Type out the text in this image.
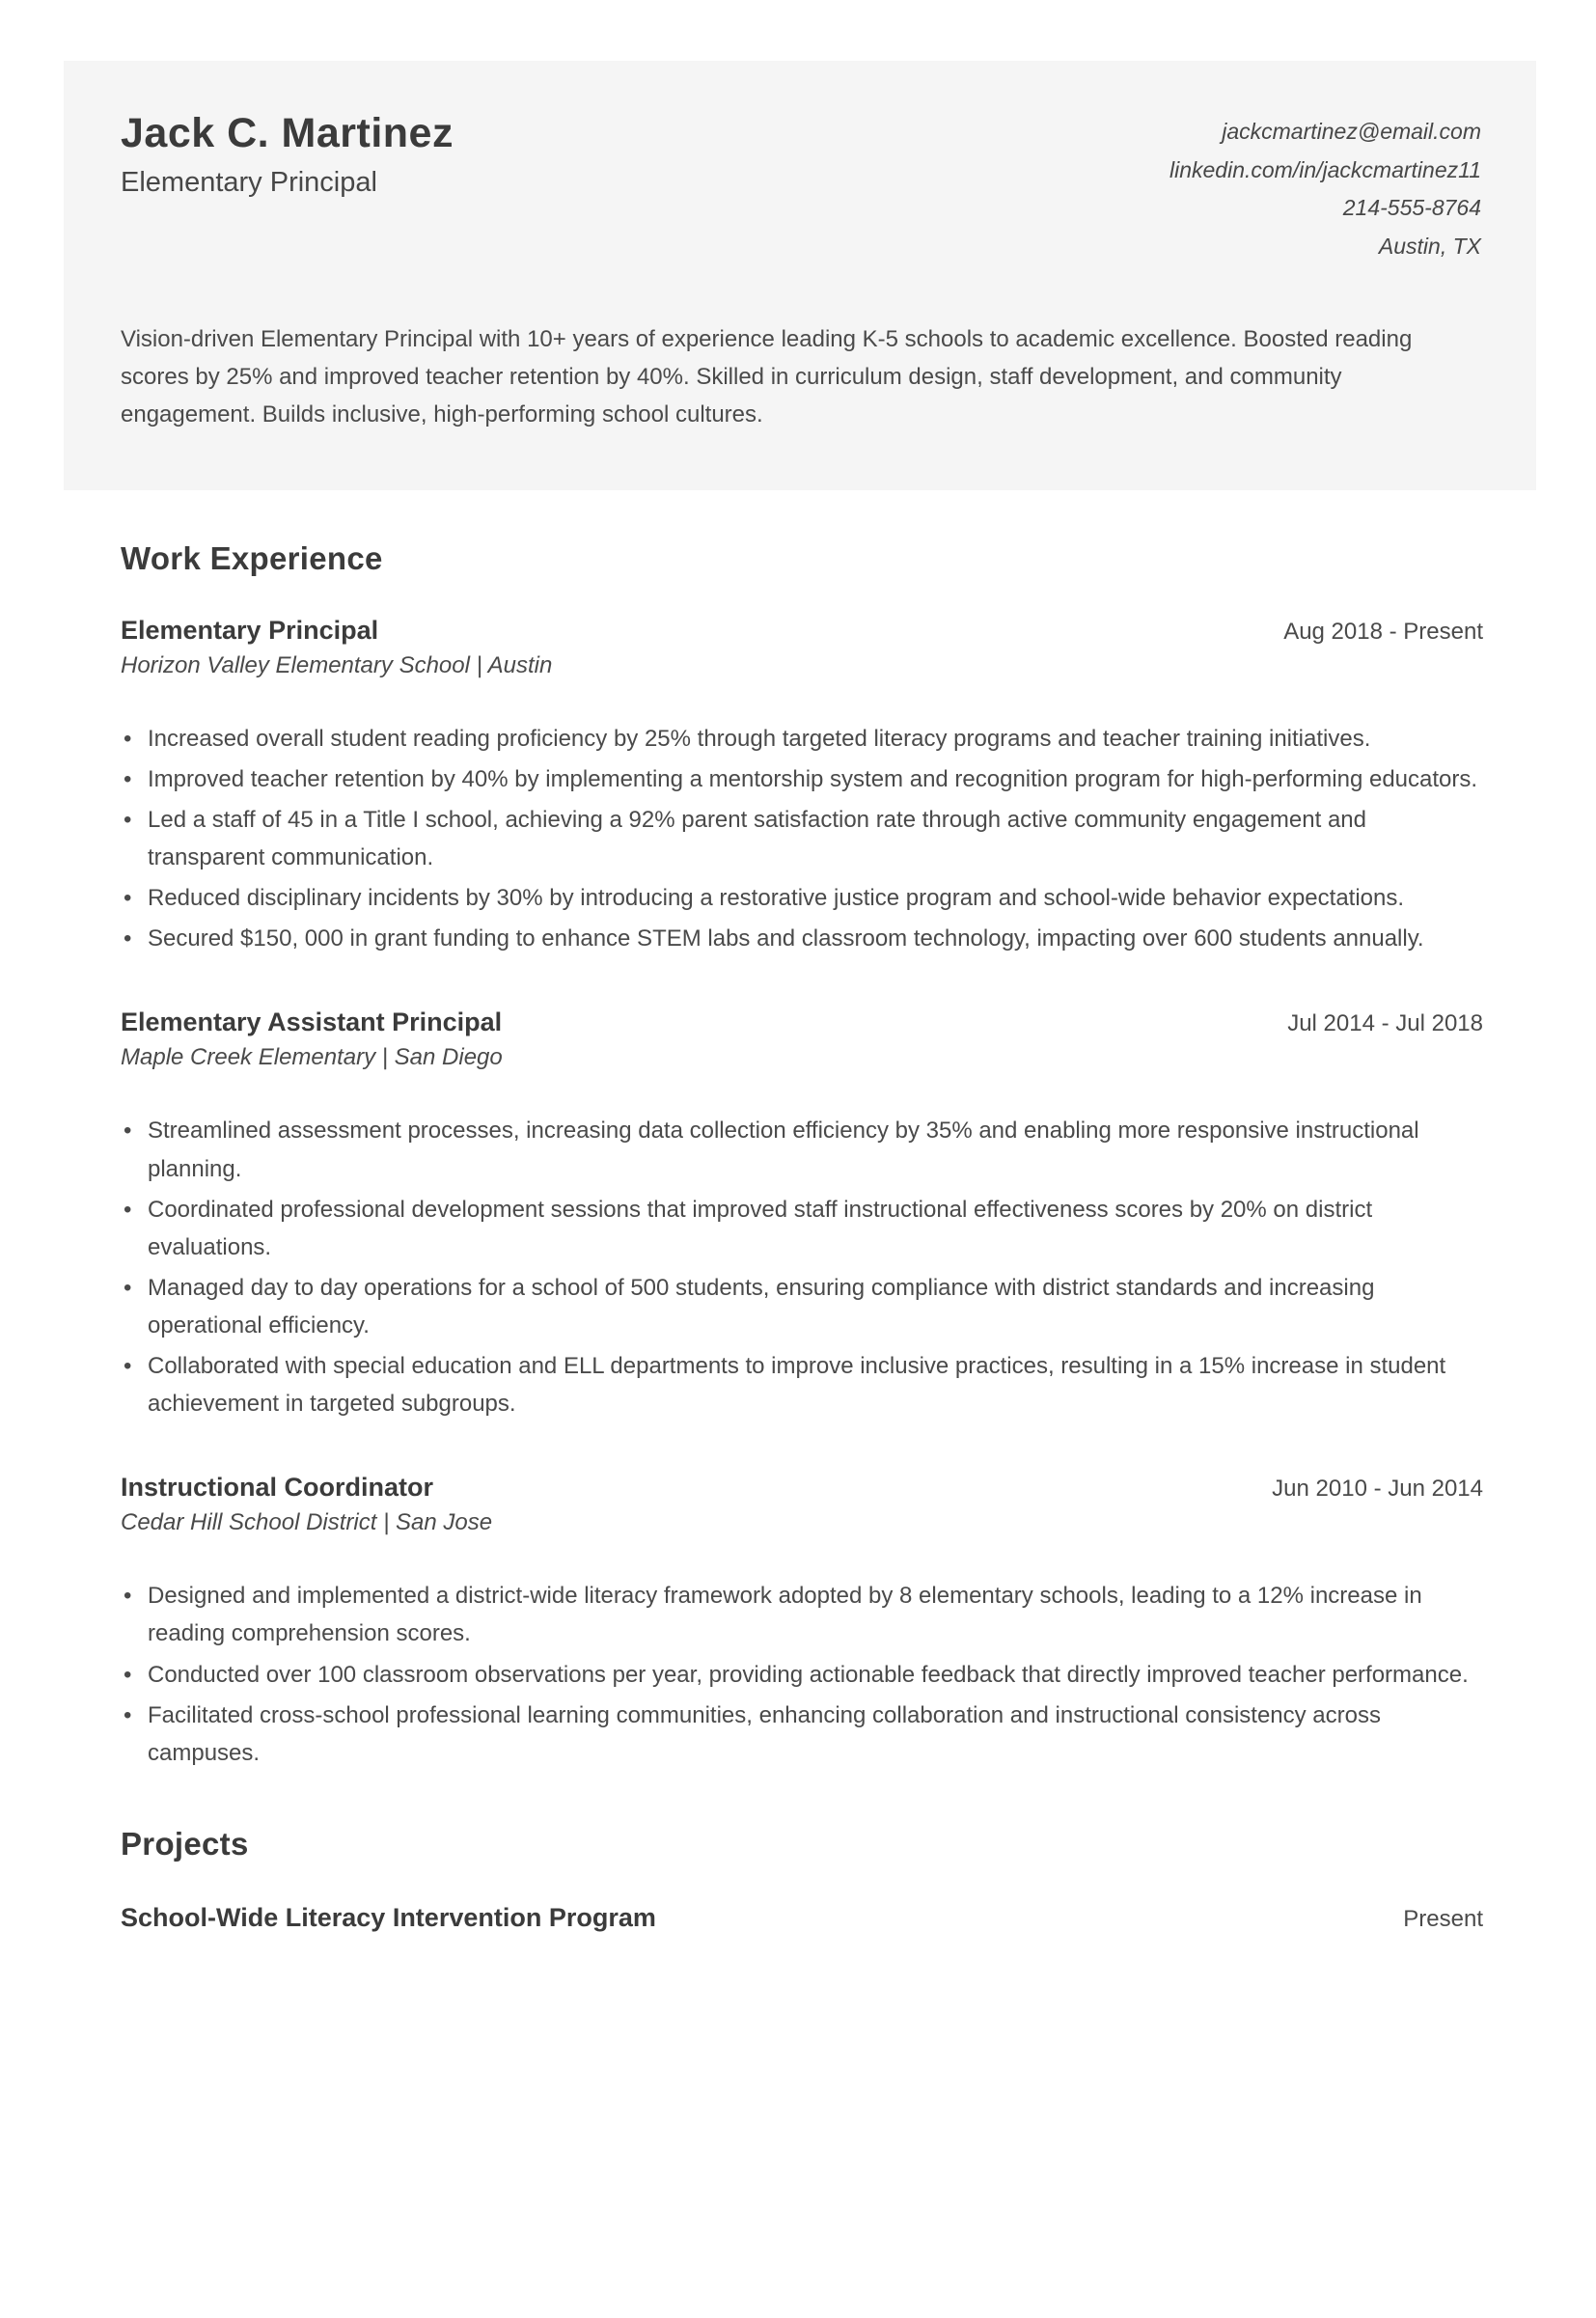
Jack C. Martinez
Elementary Principal
jackcmartinez@email.com
linkedin.com/in/jackcmartinez11
214-555-8764
Austin, TX

Vision-driven Elementary Principal with 10+ years of experience leading K-5 schools to academic excellence. Boosted reading scores by 25% and improved teacher retention by 40%. Skilled in curriculum design, staff development, and community engagement. Builds inclusive, high-performing school cultures.

Work Experience
Elementary Principal	Aug 2018 - Present
Horizon Valley Elementary School | Austin
• Increased overall student reading proficiency by 25% through targeted literacy programs and teacher training initiatives.
• Improved teacher retention by 40% by implementing a mentorship system and recognition program for high-performing educators.
• Led a staff of 45 in a Title I school, achieving a 92% parent satisfaction rate through active community engagement and transparent communication.
• Reduced disciplinary incidents by 30% by introducing a restorative justice program and school-wide behavior expectations.
• Secured $150, 000 in grant funding to enhance STEM labs and classroom technology, impacting over 600 students annually.
Elementary Assistant Principal	Jul 2014 - Jul 2018
Maple Creek Elementary | San Diego
• Streamlined assessment processes, increasing data collection efficiency by 35% and enabling more responsive instructional planning.
• Coordinated professional development sessions that improved staff instructional effectiveness scores by 20% on district evaluations.
• Managed day to day operations for a school of 500 students, ensuring compliance with district standards and increasing operational efficiency.
• Collaborated with special education and ELL departments to improve inclusive practices, resulting in a 15% increase in student achievement in targeted subgroups.
Instructional Coordinator	Jun 2010 - Jun 2014
Cedar Hill School District | San Jose
• Designed and implemented a district-wide literacy framework adopted by 8 elementary schools, leading to a 12% increase in reading comprehension scores.
• Conducted over 100 classroom observations per year, providing actionable feedback that directly improved teacher performance.
• Facilitated cross-school professional learning communities, enhancing collaboration and instructional consistency across campuses.
Projects
School-Wide Literacy Intervention Program	Present
